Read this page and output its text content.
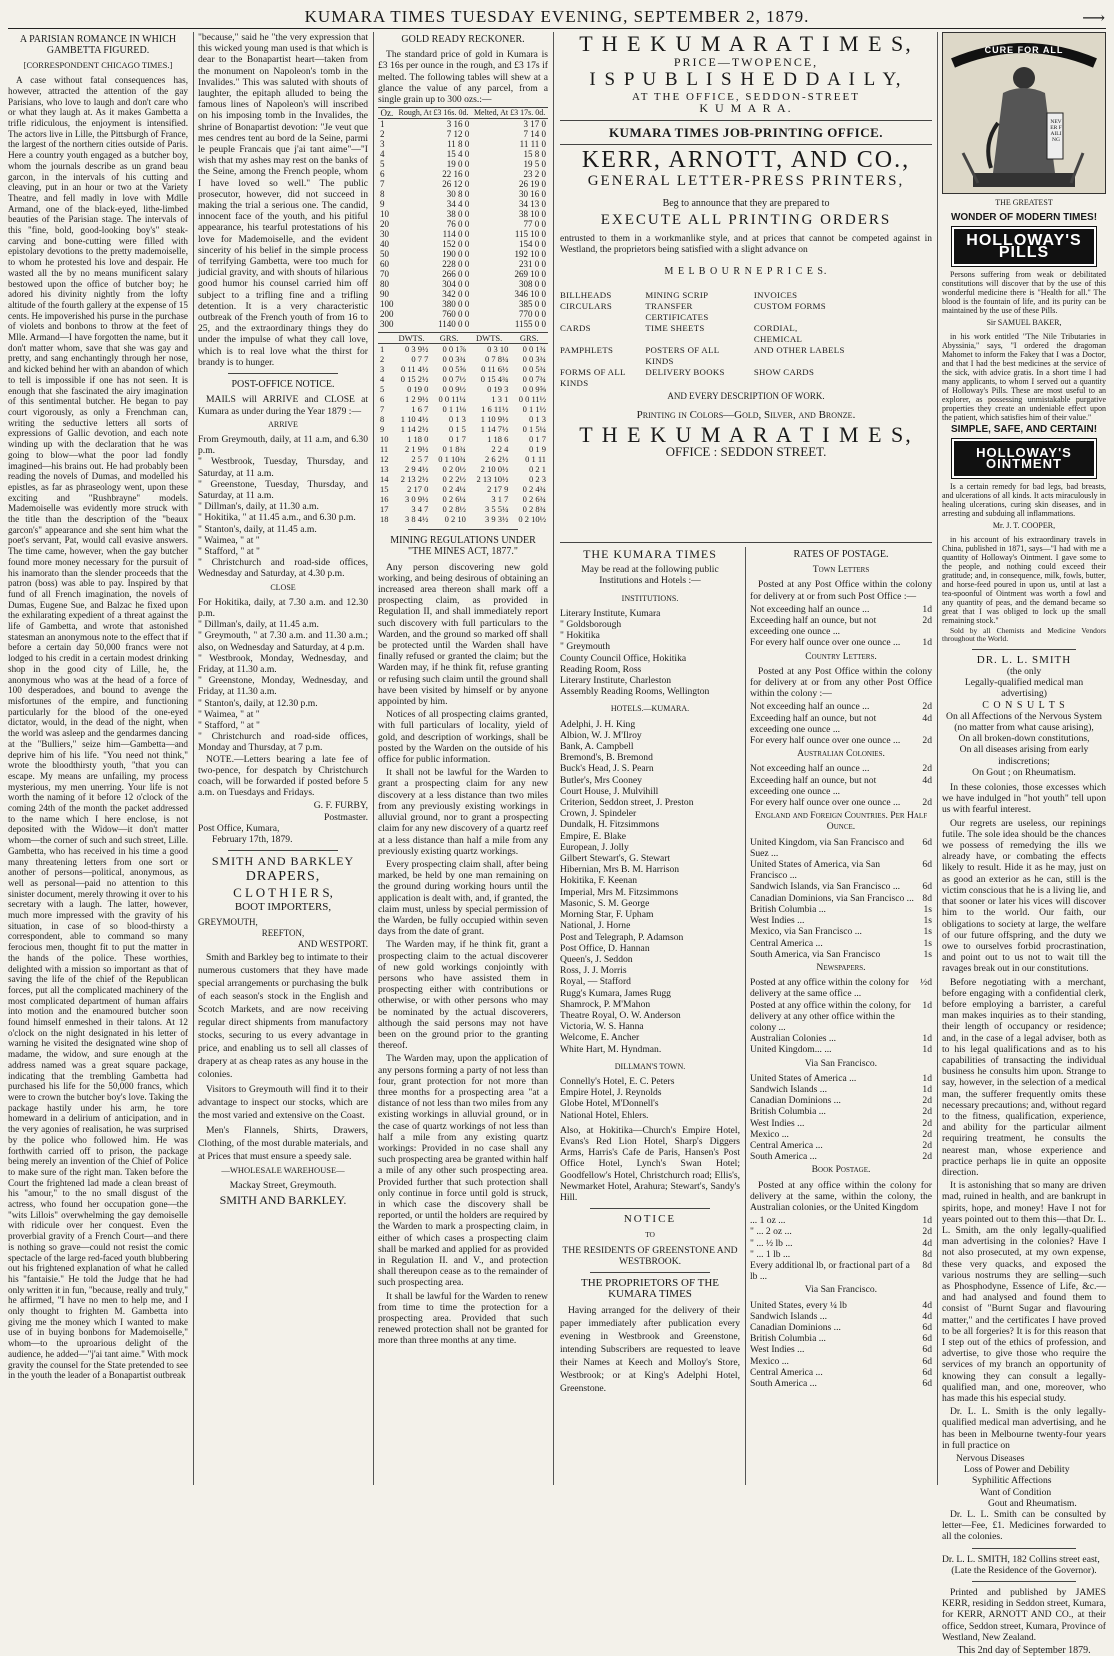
KUMARA TIMES TUESDAY EVENING, SEPTEMBER 2, 1879.	⟶
A PARISIAN ROMANCE IN WHICH GAMBETTA FIGURED.
[CORRESPONDENT CHICAGO TIMES.]

A case without fatal consequences has, however, attracted the attention of the gay Parisians, who love to laugh and don't care who or what they laugh at. As it makes Gambetta a trifle ridiculous, the enjoyment is intensified. The actors live in Lille, the Pittsburgh of France, the largest of the northern cities outside of Paris. Here a country youth engaged as a butcher boy, whom the journals describe as un grand beau garcon, in the intervals of his cutting and cleaving, put in an hour or two at the Variety Theatre, and fell madly in love with Mdlle Armand, one of the black-eyed, lithe-limbed beauties of the Parisian stage. The intervals of this "fine, bold, good-looking boy's" steak-carving and bone-cutting were filled with epistolary devotions to the pretty mademoiselle, to whom he protested his love and despair. He wasted all the by no means munificent salary bestowed upon the office of butcher boy; he adored his divinity nightly from the lofty altitude of the fourth gallery at the expense of 15 cents. He impoverished his purse in the purchase of violets and bonbons to throw at the feet of Mlle. Armand—I have forgotten the name, but it don't matter whom, save that she was gay and pretty, and sang enchantingly through her nose, and kicked behind her with an abandon of which to tell is impossible if one has not seen. It is enough that she fascinated the airy imagination of this sentimental butcher. He began to pay court vigorously, as only a Frenchman can, writing the seductive letters all sorts of expressions of Gallic devotion, and each note winding up with the declaration that he was going to blow—what the poor lad fondly imagined—his brains out. He had probably been reading the novels of Dumas, and modelled his epistles, as far as phraseology went, upon these exciting and "Rushbrayne" models. Mademoiselle was evidently more struck with the title than the description of the "beaux garcon's" appearance and she sent him what the poet's servant, Pat, would call evasive answers. The time came, however, when the gay butcher found more money necessary for the pursuit of his inamorato than the slender proceeds that the patron (boss) was able to pay. Inspired by that fund of all French imagination, the novels of Dumas, Eugene Sue, and Balzac he fixed upon the exhilarating expedient of a threat against the life of Gambetta, and wrote that astonished statesman an anonymous note to the effect that if before a certain day 50,000 francs were not lodged to his credit in a certain modest drinking shop in the good city of Lille, he, the anonymous who was at the head of a force of 100 desperadoes, and bound to avenge the misfortunes of the empire, and functioning particularly for the blood of the one-eyed dictator, would, in the dead of the night, when the world was asleep and the gendarmes dancing at the "Bulliers," seize him—Gambetta—and deprive him of his life. "You need not think," wrote the bloodthirsty youth, "that you can escape. My means are unfailing, my process mysterious, my men unerring. Your life is not worth the naming of it before 12 o'clock of the coming 24th of the month the packet addressed to the name which I here enclose, is not deposited with the Widow—it don't matter whom—the corner of such and such street, Lille. Gambetta, who has received in his time a good many threatening letters from one sort or another of persons—political, anonymous, as well as personal—paid no attention to this sinister document, merely throwing it over to his secretary with a laugh. The latter, however, much more impressed with the gravity of his situation, in case of so blood-thirsty a correspondent, able to command so many ferocious men, thought fit to put the matter in the hands of the police. These worthies, delighted with a mission so important as that of saving the life of the chief of the Republican forces, put all the complicated machinery of the most complicated department of human affairs into motion and the enamoured butcher soon found himself enmeshed in their talons. At 12 o'clock on the night designated in his letter of warning he visited the designated wine shop of madame, the widow, and sure enough at the address named was a great square package, indicating that the trembling Gambetta had purchased his life for the 50,000 francs, which were to crown the butcher boy's love. Taking the package hastily under his arm, he tore homeward in a delirium of anticipation, and in the very agonies of realisation, he was surprised by the police who followed him. He was forthwith carried off to prison, the package being merely an invention of the Chief of Police to make sure of the right man. Taken before the Court the frightened lad made a clean breast of his "amour," to the no small disgust of the actress, who found her occupation gone—the "wits Lillois" overwhelming the gay demoiselle with ridicule over her conquest. Even the proverbial gravity of a French Court—and there is nothing so grave—could not resist the comic spectacle of the large red-faced youth blubbering out his frightened explanation of what he called his "fantaisie." He told the Judge that he had only written it in fun, "because, really and truly," he affirmed, "I have no men to help me, and I only thought to frighten M. Gambetta into giving me the money which I wanted to make use of in buying bonbons for Mademoiselle," whom—to the uproarious delight of the audience, he added—"j'ai tant aime." With mock gravity the counsel for the State pretended to see in the youth the leader of a Bonapartist outbreak

"because," said he "the very expression that this wicked young man used is that which is dear to the Bonapartist heart—taken from the monument on Napoleon's tomb in the Invalides." This was saluted with shouts of laughter, the epitaph alluded to being the famous lines of Napoleon's will inscribed on his imposing tomb in the Invalides, the shrine of Bonapartist devotion: "Je veut que mes cendres tent au bord de la Seine, parmi le peuple Francais que j'ai tant aime"—"I wish that my ashes may rest on the banks of the Seine, among the French people, whom I have loved so well." The public prosecutor, however, did not succeed in making the trial a serious one. The candid, innocent face of the youth, and his pitiful appearance, his tearful protestations of his love for Mademoiselle, and the evident sincerity of his belief in the simple process of terrifying Gambetta, were too much for judicial gravity, and with shouts of hilarious good humor his counsel carried him off subject to a trifling fine and a trifling detention. It is a very characteristic outbreak of the French youth of from 16 to 25, and the extraordinary things they do under the impulse of what they call love, which is to real love what the thirst for brandy is to hunger.

POST-OFFICE NOTICE.

MAILS will ARRIVE and CLOSE at Kumara as under during the Year 1879 :—

ARRIVE
From Greymouth, daily, at 11 a.m, and 6.30 p.m.
" Westbrook, Tuesday, Thursday, and Saturday, at 11 a.m.
" Greenstone, Tuesday, Thursday, and Saturday, at 11 a.m.
" Dillman's, daily, at 11.30 a.m.
" Hokitika, " at 11.45 a.m., and 6.30 p.m.
" Stanton's, daily, at 11.45 a.m.
" Waimea, " at "
" Stafford, " at "
" Christchurch and road-side offices, Wednesday and Saturday, at 4.30 p.m.
CLOSE
For Hokitika, daily, at 7.30 a.m. and 12.30 p.m.
" Dillman's, daily, at 11.45 a.m.
" Greymouth, " at 7.30 a.m. and 11.30 a.m.; also, on Wednesday and Saturday, at 4 p.m.
" Westbrook, Monday, Wednesday, and Friday, at 11.30 a.m.
" Greenstone, Monday, Wednesday, and Friday, at 11.30 a.m.
" Stanton's, daily, at 12.30 p.m.
" Waimea, " at "
" Stafford, " at "
" Christchurch and road-side offices, Monday and Thursday, at 7 p.m.

NOTE.—Letters bearing a late fee of two-pence, for despatch by Christchurch coach, will be forwarded if posted before 5 a.m. on Tuesdays and Fridays.

G. F. FURBY,
Postmaster.
Post Office, Kumara,
February 17th, 1879.
SMITH AND BARKLEY
DRAPERS,
C L O T H I E R S,
BOOT IMPORTERS,
GREYMOUTH,
REEFTON,
AND WESTPORT.

Smith and Barkley beg to intimate to their numerous customers that they have made special arrangements or purchasing the bulk of each season's stock in the English and Scotch Markets, and are now receiving regular direct shipments from manufactory stocks, securing to us every advantage in price, and enabling us to sell all classes of drapery at as cheap rates as any house in the colonies.

Visitors to Greymouth will find it to their advantage to inspect our stocks, which are the most varied and extensive on the Coast.

Men's Flannels, Shirts, Drawers, Clothing, of the most durable materials, and at Prices that must ensure a speedy sale.

—WHOLESALE WAREHOUSE—
Mackay Street, Greymouth.
SMITH AND BARKLEY.
GOLD READY RECKONER.

The standard price of gold in Kumara is £3 16s per ounce in the rough, and £3 17s if melted. The following tables will shew at a glance the value of any parcel, from a single grain up to 300 ozs.:—

Oz.	Rough, At £3 16s. 0d.	Melted, At £3 17s. 0d.
1	3 16 0	3 17 0
2	7 12 0	7 14 0
3	11 8 0	11 11 0
4	15 4 0	15 8 0
5	19 0 0	19 5 0
6	22 16 0	23 2 0
7	26 12 0	26 19 0
8	30 8 0	30 16 0
9	34 4 0	34 13 0
10	38 0 0	38 10 0
20	76 0 0	77 0 0
30	114 0 0	115 10 0
40	152 0 0	154 0 0
50	190 0 0	192 10 0
60	228 0 0	231 0 0
70	266 0 0	269 10 0
80	304 0 0	308 0 0
90	342 0 0	346 10 0
100	380 0 0	385 0 0
200	760 0 0	770 0 0
300	1140 0 0	1155 0 0
	DWTS.	GRS.	DWTS.	GRS.
1	0 3 9½	0 0 1⅞	0 3 10	0 0 1¾
2	0 7 7	0 0 3¾	0 7 8¼	0 0 3¾
3	0 11 4½	0 0 5⅝	0 11 6½	0 0 5¾
4	0 15 2½	0 0 7½	0 15 4¾	0 0 7¾
5	0 19 0	0 0 9½	0 19 3	0 0 9⅝
6	1 2 9½	0 0 11¼	1 3 1	0 0 11½
7	1 6 7	0 1 1⅛	1 6 11½	0 1 1½
8	1 10 4½	0 1 3	1 10 9½	0 1 3
9	1 14 2½	0 1 5	1 14 7½	0 1 5¼
10	1 18 0	0 1 7	1 18 6	0 1 7
11	2 1 9½	0 1 8¾	2 2 4	0 1 9
12	2 5 7	0 1 10¾	2 6 2½	0 1 11
13	2 9 4½	0 2 0½	2 10 0½	0 2 1
14	2 13 2½	0 2 2½	2 13 10½	0 2 3
15	2 17 0	0 2 4¼	2 17 9	0 2 4¾
16	3 0 9½	0 2 6¼	3 1 7	0 2 6¾
17	3 4 7	0 2 8½	3 5 5¼	0 2 8¾
18	3 8 4½	0 2 10	3 9 3½	0 2 10½
MINING REGULATIONS UNDER "THE MINES ACT, 1877."

Any person discovering new gold working, and being desirous of obtaining an increased area thereon shall mark off a prospecting claim, as provided in Regulation II, and shall immediately report such discovery with full particulars to the Warden, and the ground so marked off shall be protected until the Warden shall have finally refused or granted the claim; but the Warden may, if he think fit, refuse granting or refusing such claim until the ground shall have been visited by himself or by anyone appointed by him.

Notices of all prospecting claims granted, with full particulars of locality, yield of gold, and description of workings, shall be posted by the Warden on the outside of his office for public information.

It shall not be lawful for the Warden to grant a prospecting claim for any new discovery at a less distance than two miles from any previously existing workings in alluvial ground, nor to grant a prospecting claim for any new discovery of a quartz reef at a less distance than half a mile from any previously existing quartz workings.

Every prospecting claim shall, after being marked, be held by one man remaining on the ground during working hours until the application is dealt with, and, if granted, the claim must, unless by special permission of the Warden, be fully occupied within seven days from the date of grant.

The Warden may, if he think fit, grant a prospecting claim to the actual discoverer of new gold workings conjointly with persons who have assisted them in prospecting either with contributions or otherwise, or with other persons who may be nominated by the actual discoverers, although the said persons may not have been on the ground prior to the granting thereof.

The Warden may, upon the application of any persons forming a party of not less than four, grant protection for not more than three months for a prospecting area "at a distance of not less than two miles from any existing workings in alluvial ground, or in the case of quartz workings of not less than half a mile from any existing quartz workings: Provided in no case shall any such prospecting area be granted within half a mile of any other such prospecting area. Provided further that such protection shall only continue in force until gold is struck, in which case the discovery shall be reported, or until the holders are required by the Warden to mark a prospecting claim, in either of which cases a prospecting claim shall be marked and applied for as provided in Regulation II. and V., and protection shall thereupon cease as to the remainder of such prospecting area.

It shall be lawful for the Warden to renew from time to time the protection for a prospecting area. Provided that such renewed protection shall not be granted for more than three months at any time.

T H E K U M A R A T I M E S,
PRICE—TWOPENCE,
I S P U B L I S H E D D A I L Y,
AT THE OFFICE, SEDDON-STREET
K U M A R A.
KUMARA TIMES JOB-PRINTING OFFICE.
KERR, ARNOTT, AND CO.,
GENERAL LETTER-PRESS PRINTERS,
Beg to announce that they are prepared to
EXECUTE ALL PRINTING ORDERS
entrusted to them in a workmanlike style, and at prices that cannot be competed against in Westland, the proprietors being satisfied with a slight advance on
M E L B O U R N E P R I C E S.
BILLHEADS	MINING SCRIP	INVOICES
CIRCULARS	TRANSFER CERTIFICATES
CUSTOM FORMS
CARDS	TIME SHEETS	CORDIAL, CHEMICAL
PAMPHLETS	POSTERS OF ALL KINDS
AND OTHER LABELS
FORMS OF ALL KINDS
DELIVERY BOOKS	SHOW CARDS
AND EVERY DESCRIPTION OF WORK.
Printing in Colors—Gold, Silver, and Bronze.
T H E K U M A R A T I M E S,
OFFICE : SEDDON STREET.
THE KUMARA TIMES
May be read at the following public Institutions and Hotels :—
INSTITUTIONS.
Literary Institute, Kumara
" Goldsborough
" Hokitika
" Greymouth
County Council Office, Hokitika
Reading Room, Ross
Literary Institute, Charleston
Assembly Reading Rooms, Wellington
HOTELS.—KUMARA.
Adelphi, J. H. King
Albion, W. J. M'Ilroy
Bank, A. Campbell
Bremond's, B. Bremond
Buck's Head, J. S. Pearn
Butler's, Mrs Cooney
Court House, J. Mulvihill
Criterion, Seddon street, J. Preston
Crown, J. Spindeler
Dundalk, H. Fitzsimmons
Empire, E. Blake
European, J. Jolly
Gilbert Stewart's, G. Stewart
Hibernian, Mrs B. M. Harrison
Hokitika, F. Keenan
Imperial, Mrs M. Fitzsimmons
Masonic, S. M. George
Morning Star, F. Upham
National, J. Horne
Post and Telegraph, P. Adamson
Post Office, D. Hannan
Queen's, J. Seddon
Ross, J. J. Morris
Royal, — Stafford
Rugg's Kumara, James Rugg
Shamrock, P. M'Mahon
Theatre Royal, O. W. Anderson
Victoria, W. S. Hanna
Welcome, E. Ancher
White Hart, M. Hyndman.
DILLMAN'S TOWN.
Connelly's Hotel, E. C. Peters
Empire Hotel, J. Reynolds
Globe Hotel, M'Donnell's
National Hotel, Ehlers.

Also, at Hokitika—Church's Empire Hotel, Evans's Red Lion Hotel, Sharp's Diggers Arms, Harris's Cafe de Paris, Hansen's Post Office Hotel, Lynch's Swan Hotel; Goodfellow's Hotel, Christchurch road; Ellis's, Newmarket Hotel, Arahura; Stewart's, Sandy's Hill.

NOTICE
TO
THE RESIDENTS OF GREENSTONE AND WESTBROOK.
THE PROPRIETORS OF THE KUMARA TIMES

Having arranged for the delivery of their paper immediately after publication every evening in Westbrook and Greenstone, intending Subscribers are requested to leave their Names at Keech and Molloy's Store, Westbrook; or at King's Adelphi Hotel, Greenstone.

RATES OF POSTAGE.
Town Letters

Posted at any Post Office within the colony for delivery at or from such Post Office :—

Not exceeding half an ounce ...	1d
Exceeding half an ounce, but not exceeding one ounce ...
2d
For every half ounce over one ounce ...	1d
Country Letters.

Posted at any Post Office within the colony for delivery at or from any other Post Office within the colony :—

Not exceeding half an ounce ...	2d
Exceeding half an ounce, but not exceeding one ounce ...
4d
For every half ounce over one ounce ...	2d
Australian Colonies.
Not exceeding half an ounce ...	2d
Exceeding half an ounce, but not exceeding one ounce ...
4d
For every half ounce over one ounce ...	2d
England and Foreign Countries. Per Half Ounce.
United Kingdom, via San Francisco and Suez ...
6d
United States of America, via San Francisco ...
6d
Sandwich Islands, via San Francisco ...	6d
Canadian Dominions, via San Francisco ... 8d
British Columbia ...	1s
West Indies ...	1s
Mexico, via San Francisco ...	1s
Central America ...	1s
South America, via San Francisco	1s
Newspapers.
Posted at any office within the colony for delivery at the same office ...
½d
Posted at any office within the colony, for delivery at any other office within the colony ...
1d
Australian Colonies ...	1d
United Kingdom... ...	1d
Via San Francisco.
United States of America ...	1d
Sandwich Islands ...	1d
Canadian Dominions ...	2d
British Columbia ...	2d
West Indies ...	2d
Mexico ...	2d
Central America ...	2d
South America ...	2d
Book Postage.

Posted at any office within the colony for delivery at the same, within the colony, the Australian colonies, or the United Kingdom

... 1 oz ...	1d
" ... 2 oz ...	2d
" ... ½ lb ...	4d
" ... 1 lb ...	8d
Every additional lb, or fractional part of a lb ...
8d
Via San Francisco.
United States, every ¼ lb	4d
Sandwich Islands ...	4d
Canadian Dominions ...	6d
British Columbia ...	6d
West Indies ...	6d
Mexico ...	6d
Central America ...	6d
South America ...	6d
CURE FOR ALL
NEVER FAILING
THE GREATEST
WONDER OF MODERN TIMES!
HOLLOWAY'S PILLS

Persons suffering from weak or debilitated constitutions will discover that by the use of this wonderful medicine there is "Health for all." The blood is the fountain of life, and its purity can be maintained by the use of these Pills.

Sir SAMUEL BAKER,

in his work entitled "The Nile Tributaries in Abyssinia," says, "I ordered the dragoman Mahomet to inform the Fakey that I was a Doctor, and that I had the best medicines at the service of the sick, with advice gratis. In a short time I had many applicants, to whom I served out a quantity of Holloway's Pills. These are most useful to an explorer, as possessing unmistakable purgative properties they create an undeniable effect upon the patient, which satisfies him of their value."

SIMPLE, SAFE, AND CERTAIN!
HOLLOWAY'S OINTMENT

Is a certain remedy for bad legs, bad breasts, and ulcerations of all kinds. It acts miraculously in healing ulcerations, curing skin diseases, and in arresting and subduing all inflammations.

Mr. J. T. COOPER,

in his account of his extraordinary travels in China, published in 1871, says—"I had with me a quantity of Holloway's Ointment. I gave some to the people, and nothing could exceed their gratitude; and, in consequence, milk, fowls, butter, and horse-feed poured in upon us, until at last a tea-spoonful of Ointment was worth a fowl and any quantity of peas, and the demand became so great that I was obliged to lock up the small remaining stock."

Sold by all Chemists and Medicine Vendors throughout the World.

DR. L. L. SMITH
(the only
Legally-qualified medical man advertising)
C O N S U L T S
On all Affections of the Nervous System (no matter from what cause arising),
On all broken-down constitutions,
On all diseases arising from early indiscretions;
On Gout ; on Rheumatism.

In these colonies, those excesses which we have indulged in "hot youth" tell upon us with fearful interest.

Our regrets are useless, our repinings futile. The sole idea should be the chances we possess of remedying the ills we already have, or combating the effects likely to result. Hide it as he may, just on as good an exterior as he can, still is the victim conscious that he is a living lie, and that sooner or later his vices will discover him to the world. Our faith, our obligations to society at large, the welfare of our future offspring, and the duty we owe to ourselves forbid procrastination, and point out to us not to wait till the ravages break out in our constitutions.

Before negotiating with a merchant, before engaging with a confidential clerk, before employing a barrister, a careful man makes inquiries as to their standing, their length of occupancy or residence; and, in the case of a legal adviser, both as to his legal qualifications and as to his capabilities of transacting the individual business he consults him upon. Strange to say, however, in the selection of a medical man, the sufferer frequently omits these necessary precautions; and, without regard to the fitness, qualification, experience, and ability for the particular ailment requiring treatment, he consults the nearest man, whose experience and practice perhaps lie in quite an opposite direction.

It is astonishing that so many are driven mad, ruined in health, and are bankrupt in spirits, hope, and money! Have I not for years pointed out to them this—that Dr. L. L. Smith, am the only legally-qualified man advertising in the colonies? Have I not also prosecuted, at my own expense, these very quacks, and exposed the various nostrums they are selling—such as Phosphodyne, Essence of Life, &c.—and had analysed and found them to consist of "Burnt Sugar and flavouring matter," and the certificates I have proved to be all forgeries? It is for this reason that I step out of the ethics of profession, and advertise, to give those who require the services of my branch an opportunity of knowing they can consult a legally-qualified man, and one, moreover, who has made this his especial study.

Dr. L. L. Smith is the only legally-qualified medical man advertising, and he has been in Melbourne twenty-four years in full practice on

Nervous Diseases
Loss of Power and Debility
Syphilitic Affections
Want of Condition
Gout and Rheumatism.

Dr. L. L. Smith can be consulted by letter—Fee, £1. Medicines forwarded to all the colonies.

Dr. L. L. SMITH, 182 Collins street east,
(Late the Residence of the Governor).

Printed and published by JAMES KERR, residing in Seddon street, Kumara, for KERR, ARNOTT AND CO., at their office, Seddon street, Kumara, Province of Westland, New Zealand.

This 2nd day of September 1879.
